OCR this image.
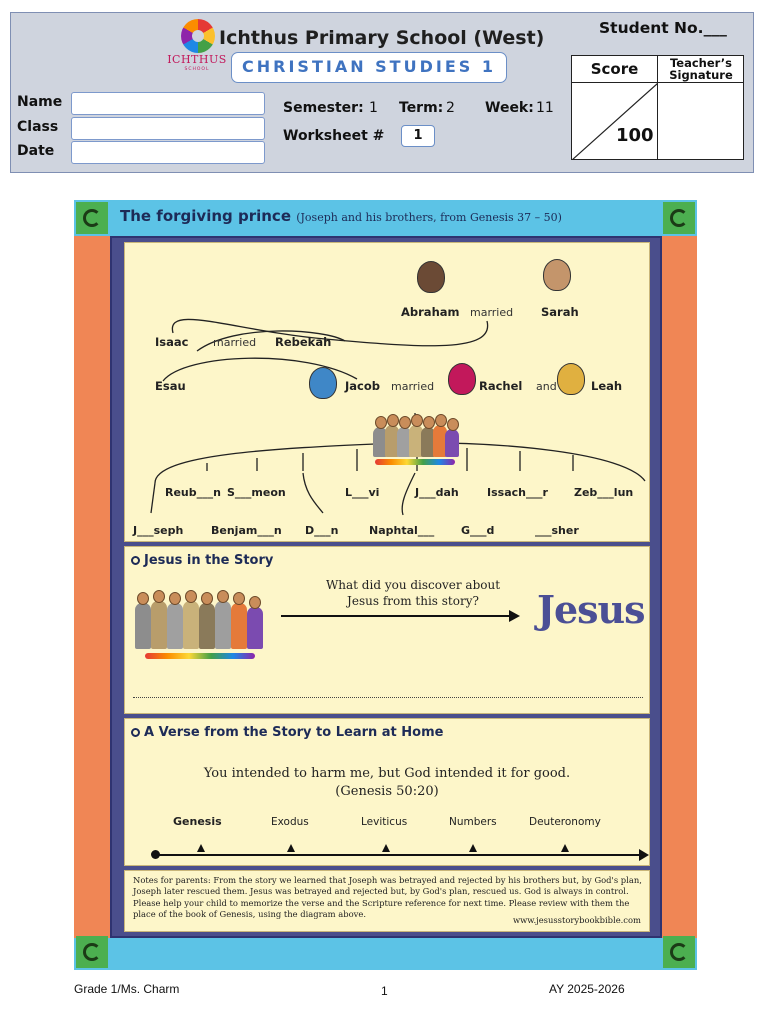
ICHTHUS
SCHOOL
Ichthus Primary School (West)
CHRISTIAN STUDIES 1
Name
Class
Date
Semester: 1 Term: 2 Week: 11
Worksheet #	1
Student No.___
Score	Teacher’s Signature
100
The forgiving prince (Joseph and his brothers, from Genesis 37 – 50)
Abraham married Sarah
Isaac married Rebekah
Esau	Jacob married	Rachel and	Leah
Reub___n S___meon	L___vi	J___dah	Issach___r Zeb___lun
J___seph	Benjam___n D___n	Naphtal___ G___d	___sher
Jesus in the Story
What did you discover about Jesus from this story?	Jesus
A Verse from the Story to Learn at Home
You intended to harm me, but God intended it for good.
(Genesis 50:20)
Genesis	Exodus	Leviticus	Numbers	Deuteronomy
Notes for parents: From the story we learned that Joseph was betrayed and rejected by his brothers but, by God's plan, Joseph later rescued them. Jesus was betrayed and rejected but, by God's plan, rescued us. God is always in control. Please help your child to memorize the verse and the Scripture reference for next time. Please review with them the place of the book of Genesis, using the diagram above.
www.jesusstorybookbible.com
Grade 1/Ms. Charm	1	AY 2025-2026
